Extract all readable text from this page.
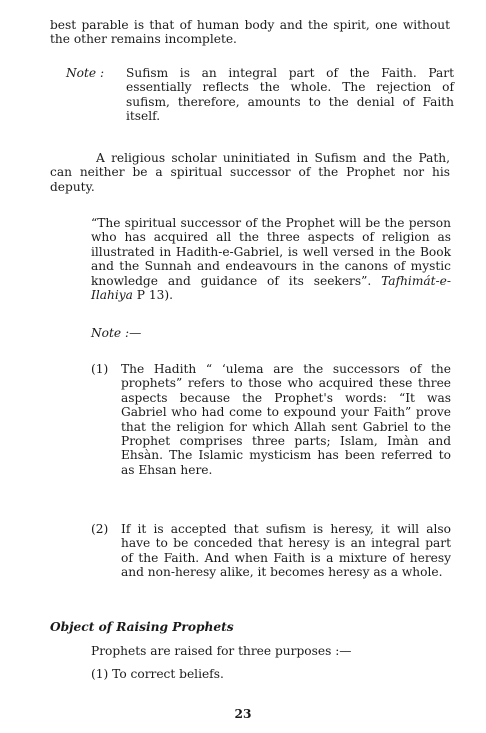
best parable is that of human body and the spirit, one without the other remains incomplete.

Note :	Sufism is an integral part of the Faith. Part essentially reflects the whole. The rejection of sufism, therefore, amounts to the denial of Faith itself.

A religious scholar uninitiated in Sufism and the Path, can neither be a spiritual successor of the Prophet nor his deputy.

“The spiritual successor of the Prophet will be the person who has acquired all the three aspects of religion as illustrated in Hadith-e-Gabriel, is well versed in the Book and the Sunnah and endeavours in the canons of mystic knowledge and guidance of its seekers”. Tafhimát-e-Ilahiya P 13).

Note :—

(1)	The Hadith “ ‘ulema are the successors of the prophets” refers to those who acquired these three aspects because the Prophet's words: “It was Gabriel who had come to expound your Faith” prove that the religion for which Allah sent Gabriel to the Prophet comprises three parts; Islam, Imàn and Ehsàn. The Islamic mysticism has been referred to as Ehsan here.

(2)	If it is accepted that sufism is heresy, it will also have to be conceded that heresy is an integral part of the Faith. And when Faith is a mixture of heresy and non-heresy alike, it becomes heresy as a whole.

Object of Raising Prophets

Prophets are raised for three purposes :—

(1) To correct beliefs.

23
